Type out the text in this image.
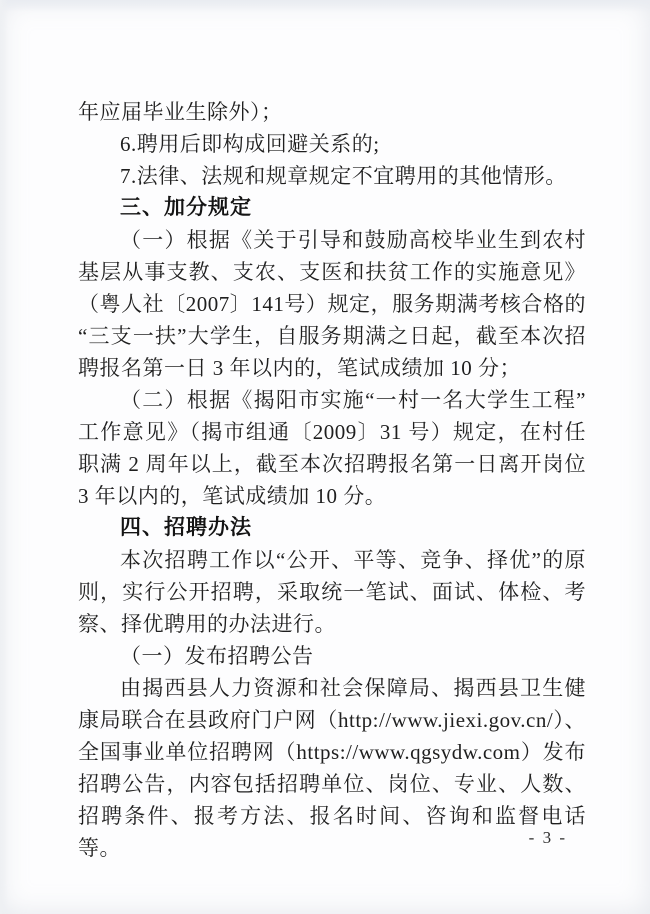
年应届毕业生除外）；

6.聘用后即构成回避关系的;

7.法律、法规和规章规定不宜聘用的其他情形。

三、加分规定

（一）根据《关于引导和鼓励高校毕业生到农村基层从事支教、支农、支医和扶贫工作的实施意见》（粤人社〔2007〕141号）规定，服务期满考核合格的“三支一扶”大学生，自服务期满之日起，截至本次招聘报名第一日 3 年以内的，笔试成绩加 10 分；

（二）根据《揭阳市实施“一村一名大学生工程”工作意见》（揭市组通〔2009〕31 号）规定，在村任职满 2 周年以上，截至本次招聘报名第一日离开岗位 3 年以内的，笔试成绩加 10 分。

四、招聘办法

本次招聘工作以“公开、平等、竞争、择优”的原则，实行公开招聘，采取统一笔试、面试、体检、考察、择优聘用的办法进行。

（一）发布招聘公告

由揭西县人力资源和社会保障局、揭西县卫生健康局联合在县政府门户网（http://www.jiexi.gov.cn/）、全国事业单位招聘网（https://www.qgsydw.com）发布招聘公告，内容包括招聘单位、岗位、专业、人数、招聘条件、报考方法、报名时间、咨询和监督电话等。	- 3 -
